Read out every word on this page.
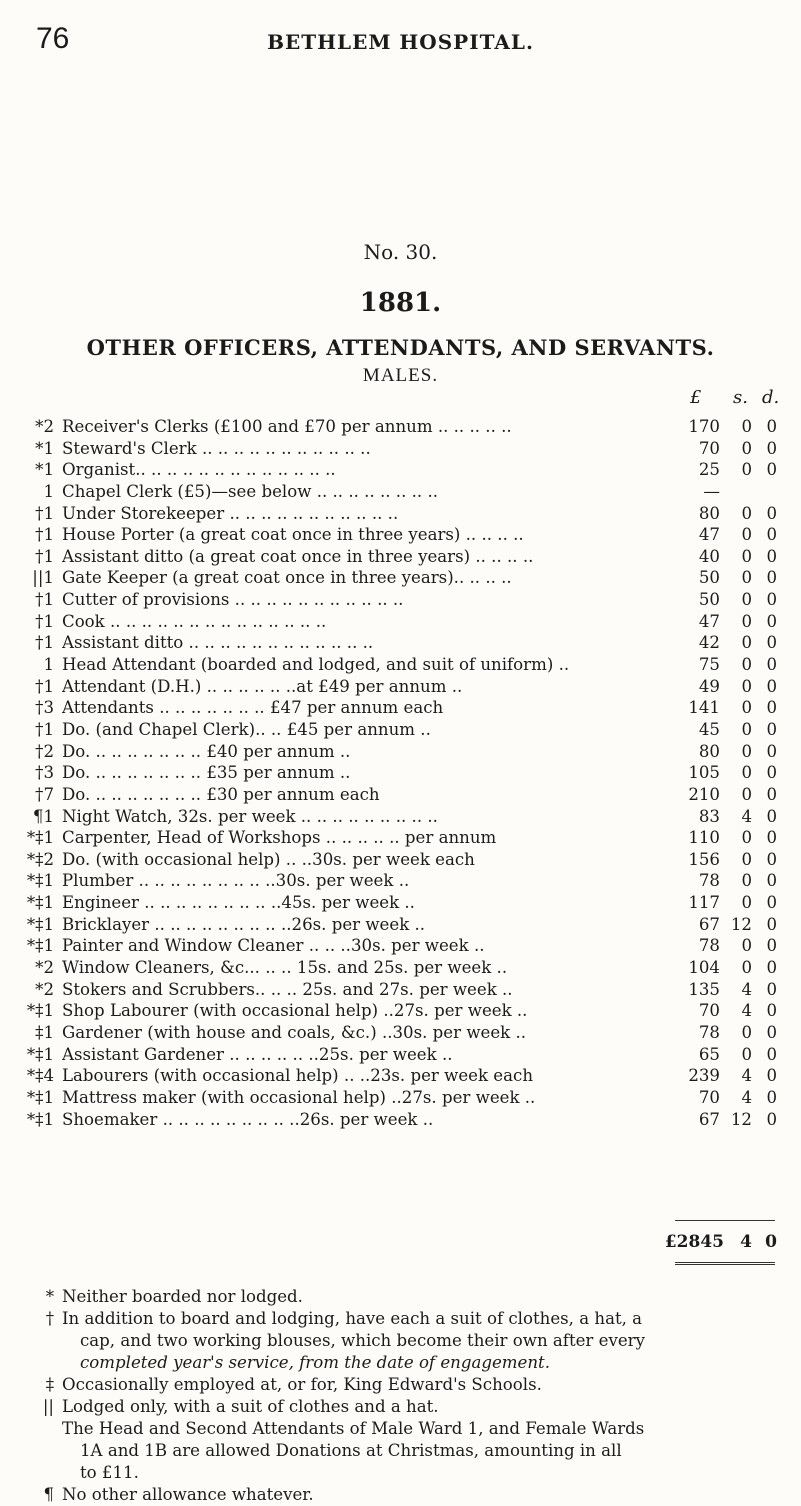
76	BETHLEM HOSPITAL.
No. 30.
1881.
OTHER OFFICERS, ATTENDANTS, AND SERVANTS.
MALES.
£ s. d.
*2 Receiver's Clerks (£100 and £70 per annum .. .. .. .. ..	170	0 0
*1 Steward's Clerk .. .. .. .. .. .. .. .. .. .. ..	70	0 0
*1 Organist.. .. .. .. .. .. .. .. .. .. .. .. ..	25	0 0
1 Chapel Clerk (£5)—see below .. .. .. .. .. .. .. ..	—
†1 Under Storekeeper .. .. .. .. .. .. .. .. .. .. ..	80	0 0
†1 House Porter (a great coat once in three years) .. .. .. ..	47	0 0
†1 Assistant ditto (a great coat once in three years) .. .. .. ..	40	0 0
||1 Gate Keeper (a great coat once in three years).. .. .. ..	50	0 0
†1 Cutter of provisions .. .. .. .. .. .. .. .. .. .. ..	50	0 0
†1 Cook .. .. .. .. .. .. .. .. .. .. .. .. .. ..	47	0 0
†1 Assistant ditto .. .. .. .. .. .. .. .. .. .. .. ..	42	0 0
1 Head Attendant (boarded and lodged, and suit of uniform) ..	75	0 0
†1 Attendant (D.H.) .. .. .. .. .. ..at £49 per annum ..	49	0 0
†3 Attendants .. .. .. .. .. .. .. £47 per annum each	141	0 0
†1 Do. (and Chapel Clerk).. .. £45 per annum ..	45	0 0
†2 Do. .. .. .. .. .. .. .. £40 per annum ..	80	0 0
†3 Do. .. .. .. .. .. .. .. £35 per annum ..	105	0 0
†7 Do. .. .. .. .. .. .. .. £30 per annum each	210	0 0
¶1 Night Watch, 32s. per week .. .. .. .. .. .. .. .. ..	83	4 0
*‡1 Carpenter, Head of Workshops .. .. .. .. .. per annum	110	0 0
*‡2 Do. (with occasional help) .. ..30s. per week each	156	0 0
*‡1 Plumber .. .. .. .. .. .. .. .. ..30s. per week ..	78	0 0
*‡1 Engineer .. .. .. .. .. .. .. .. ..45s. per week ..	117	0 0
*‡1 Bricklayer .. .. .. .. .. .. .. .. ..26s. per week ..	67 12 0
*‡1 Painter and Window Cleaner .. .. ..30s. per week ..	78	0 0
*2 Window Cleaners, &c... .. .. 15s. and 25s. per week ..	104	0 0
*2 Stokers and Scrubbers.. .. .. 25s. and 27s. per week ..	135	4 0
*‡1 Shop Labourer (with occasional help) ..27s. per week ..	70	4 0
‡1 Gardener (with house and coals, &c.) ..30s. per week ..	78	0 0
*‡1 Assistant Gardener .. .. .. .. .. ..25s. per week ..	65	0 0
*‡4 Labourers (with occasional help) .. ..23s. per week each	239	4 0
*‡1 Mattress maker (with occasional help) ..27s. per week ..	70	4 0
*‡1 Shoemaker .. .. .. .. .. .. .. .. ..26s. per week ..	67 12 0
£2845 4 0
* Neither boarded nor lodged.
† In addition to board and lodging, have each a suit of clothes, a hat, a
cap, and two working blouses, which become their own after every
completed year's service, from the date of engagement.
‡ Occasionally employed at, or for, King Edward's Schools.
|| Lodged only, with a suit of clothes and a hat.
The Head and Second Attendants of Male Ward 1, and Female Wards
1A and 1B are allowed Donations at Christmas, amounting in all
to £11.
¶ No other allowance whatever.
